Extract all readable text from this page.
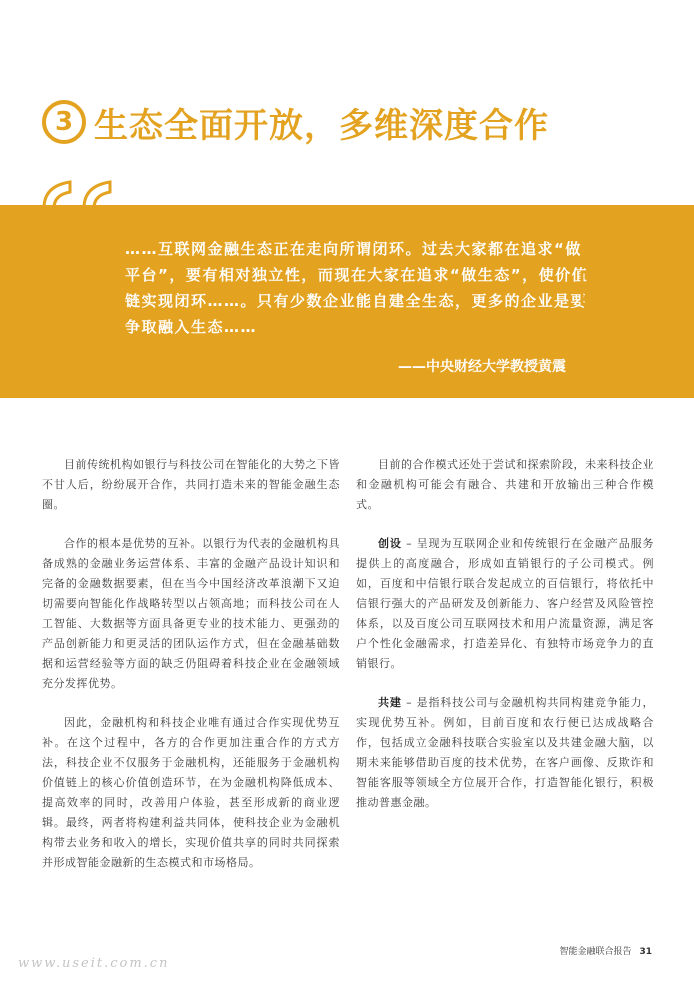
3 生态全面开放，多维深度合作
……互联网金融生态正在走向所谓闭环。过去大家都在追求“做平台”，要有相对独立性，而现在大家在追求“做生态”，使价值链实现闭环……。只有少数企业能自建全生态，更多的企业是要争取融入生态……
——中央财经大学教授黄震

目前传统机构如银行与科技公司在智能化的大势之下皆不甘人后，纷纷展开合作，共同打造未来的智能金融生态圈。

合作的根本是优势的互补。以银行为代表的金融机构具备成熟的金融业务运营体系、丰富的金融产品设计知识和完备的金融数据要素，但在当今中国经济改革浪潮下又迫切需要向智能化作战略转型以占领高地；而科技公司在人工智能、大数据等方面具备更专业的技术能力、更强劲的产品创新能力和更灵活的团队运作方式，但在金融基础数据和运营经验等方面的缺乏仍阻碍着科技企业在金融领域充分发挥优势。

因此，金融机构和科技企业唯有通过合作实现优势互补。在这个过程中，各方的合作更加注重合作的方式方法，科技企业不仅服务于金融机构，还能服务于金融机构价值链上的核心价值创造环节，在为金融机构降低成本、提高效率的同时，改善用户体验，甚至形成新的商业逻辑。最终，两者将构建利益共同体，使科技企业为金融机构带去业务和收入的增长，实现价值共享的同时共同探索并形成智能金融新的生态模式和市场格局。

目前的合作模式还处于尝试和探索阶段，未来科技企业和金融机构可能会有融合、共建和开放输出三种合作模式。

创设 – 呈现为互联网企业和传统银行在金融产品服务提供上的高度融合，形成如直销银行的子公司模式。例如，百度和中信银行联合发起成立的百信银行，将依托中信银行强大的产品研发及创新能力、客户经营及风险管控体系，以及百度公司互联网技术和用户流量资源，满足客户个性化金融需求，打造差异化、有独特市场竞争力的直销银行。

共建 – 是指科技公司与金融机构共同构建竞争能力，实现优势互补。例如，目前百度和农行便已达成战略合作，包括成立金融科技联合实验室以及共建金融大脑，以期未来能够借助百度的技术优势，在客户画像、反欺诈和智能客服等领域全方位展开合作，打造智能化银行，积极推动普惠金融。

智能金融联合报告 31
www.useit.com.cn
